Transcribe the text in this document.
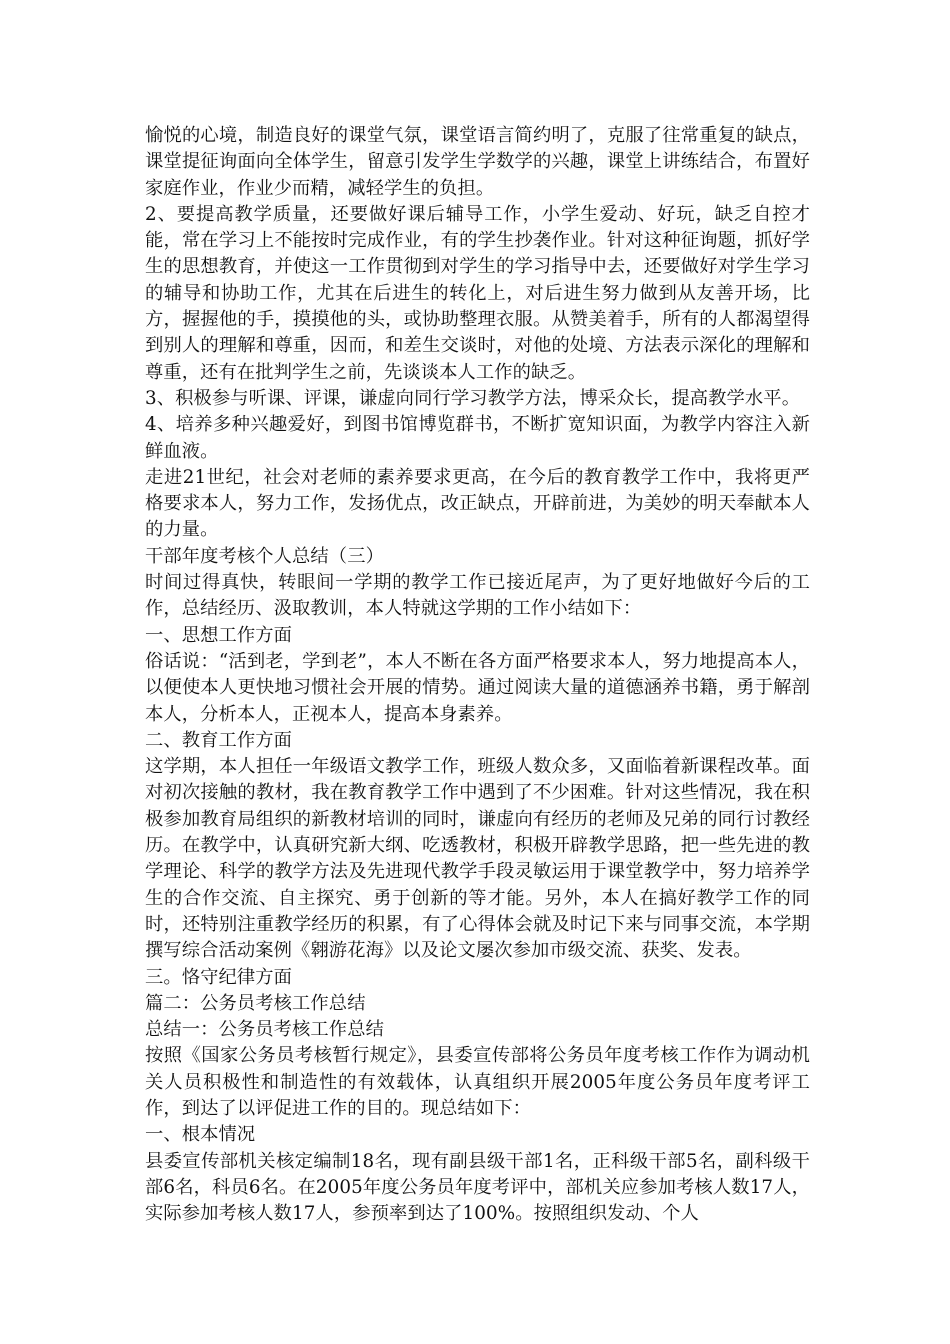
愉悦的心境，制造良好的课堂气氛，课堂语言简约明了，克服了往常重复的缺点，课堂提征询面向全体学生，留意引发学生学数学的兴趣，课堂上讲练结合，布置好家庭作业，作业少而精，减轻学生的负担。

2、要提高教学质量，还要做好课后辅导工作，小学生爱动、好玩，缺乏自控才能，常在学习上不能按时完成作业，有的学生抄袭作业。针对这种征询题，抓好学生的思想教育，并使这一工作贯彻到对学生的学习指导中去，还要做好对学生学习的辅导和协助工作，尤其在后进生的转化上，对后进生努力做到从友善开场，比方，握握他的手，摸摸他的头，或协助整理衣服。从赞美着手，所有的人都渴望得到别人的理解和尊重，因而，和差生交谈时，对他的处境、方法表示深化的理解和尊重，还有在批判学生之前，先谈谈本人工作的缺乏。

3、积极参与听课、评课，谦虚向同行学习教学方法，博采众长，提高教学水平。

4、培养多种兴趣爱好，到图书馆博览群书，不断扩宽知识面，为教学内容注入新鲜血液。

走进21世纪，社会对老师的素养要求更高，在今后的教育教学工作中，我将更严格要求本人，努力工作，发扬优点，改正缺点，开辟前进，为美妙的明天奉献本人的力量。

干部年度考核个人总结（三）

时间过得真快，转眼间一学期的教学工作已接近尾声，为了更好地做好今后的工作，总结经历、汲取教训，本人特就这学期的工作小结如下：

一、思想工作方面

俗话说：“活到老，学到老”，本人不断在各方面严格要求本人，努力地提高本人，以便使本人更快地习惯社会开展的情势。通过阅读大量的道德涵养书籍，勇于解剖本人，分析本人，正视本人，提高本身素养。

二、教育工作方面

这学期，本人担任一年级语文教学工作，班级人数众多，又面临着新课程改革。面对初次接触的教材，我在教育教学工作中遇到了不少困难。针对这些情况，我在积极参加教育局组织的新教材培训的同时，谦虚向有经历的老师及兄弟的同行讨教经历。在教学中，认真研究新大纲、吃透教材，积极开辟教学思路，把一些先进的教学理论、科学的教学方法及先进现代教学手段灵敏运用于课堂教学中，努力培养学生的合作交流、自主探究、勇于创新的等才能。另外，本人在搞好教学工作的同时，还特别注重教学经历的积累，有了心得体会就及时记下来与同事交流，本学期撰写综合活动案例《翱游花海》以及论文屡次参加市级交流、获奖、发表。

三。恪守纪律方面

篇二：公务员考核工作总结

总结一：公务员考核工作总结

按照《国家公务员考核暂行规定》，县委宣传部将公务员年度考核工作作为调动机关人员积极性和制造性的有效载体，认真组织开展2005年度公务员年度考评工作，到达了以评促进工作的目的。现总结如下：

一、根本情况

县委宣传部机关核定编制18名，现有副县级干部1名，正科级干部5名，副科级干部6名，科员6名。在2005年度公务员年度考评中，部机关应参加考核人数17人，实际参加考核人数17人，参预率到达了100%。按照组织发动、个人
